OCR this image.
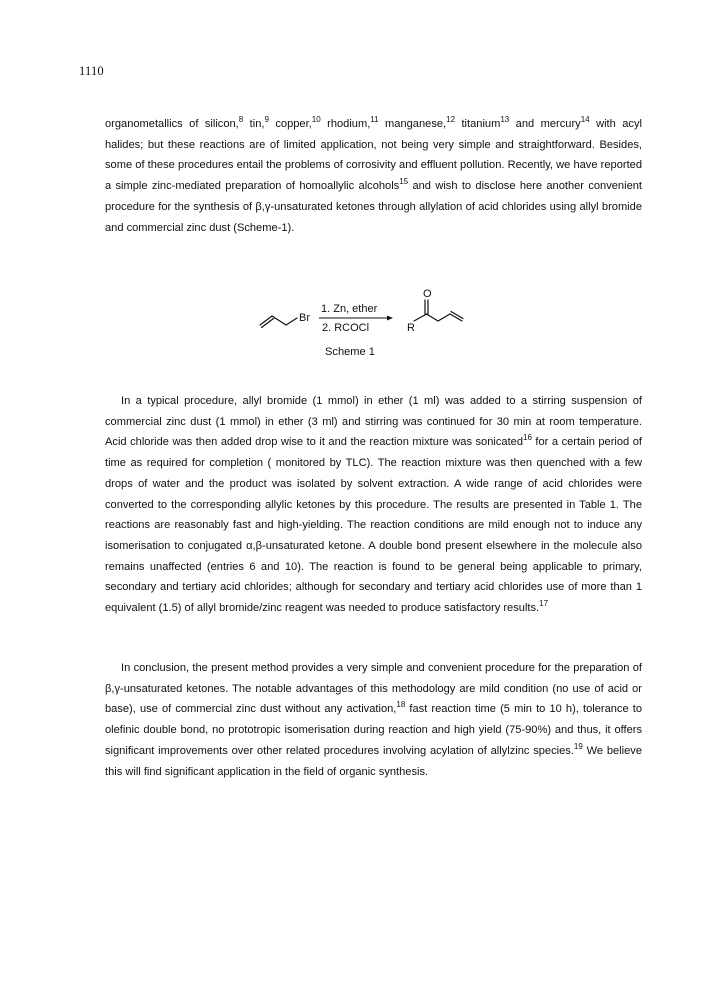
1110

organometallics of silicon,$^8$ tin,$^9$ copper,$^{10}$ rhodium,$^{11}$ manganese,$^{12}$ titanium$^{13}$ and mercury$^{14}$ with acyl halides; but these reactions are of limited application, not being very simple and straightforward. Besides, some of these procedures entail the problems of corrosivity and effluent pollution. Recently, we have reported a simple zinc-mediated preparation of homoallylic alcohols$^{15}$ and wish to disclose here another convenient procedure for the synthesis of β,γ-unsaturated ketones through allylation of acid chlorides using allyl bromide and commercial zinc dust (Scheme-1).

Br
1. Zn, ether
2. RCOCl
O
R
Scheme 1

In a typical procedure, allyl bromide (1 mmol) in ether (1 ml) was added to a stirring suspension of commercial zinc dust (1 mmol) in ether (3 ml) and stirring was continued for 30 min at room temperature. Acid chloride was then added drop wise to it and the reaction mixture was sonicated$^{16}$ for a certain period of time as required for completion ( monitored by TLC). The reaction mixture was then quenched with a few drops of water and the product was isolated by solvent extraction. A wide range of acid chlorides were converted to the corresponding allylic ketones by this procedure. The results are presented in Table 1. The reactions are reasonably fast and high-yielding. The reaction conditions are mild enough not to induce any isomerisation to conjugated α,β-unsaturated ketone. A double bond present elsewhere in the molecule also remains unaffected (entries 6 and 10). The reaction is found to be general being applicable to primary, secondary and tertiary acid chlorides; although for secondary and tertiary acid chlorides use of more than 1 equivalent (1.5) of allyl bromide/zinc reagent was needed to produce satisfactory results.$^{17}$

In conclusion, the present method provides a very simple and convenient procedure for the preparation of β,γ-unsaturated ketones. The notable advantages of this methodology are mild condition (no use of acid or base), use of commercial zinc dust without any activation,$^{18}$ fast reaction time (5 min to 10 h), tolerance to olefinic double bond, no prototropic isomerisation during reaction and high yield (75-90%) and thus, it offers significant improvements over other related procedures involving acylation of allylzinc species.$^{19}$ We believe this will find significant application in the field of organic synthesis.
